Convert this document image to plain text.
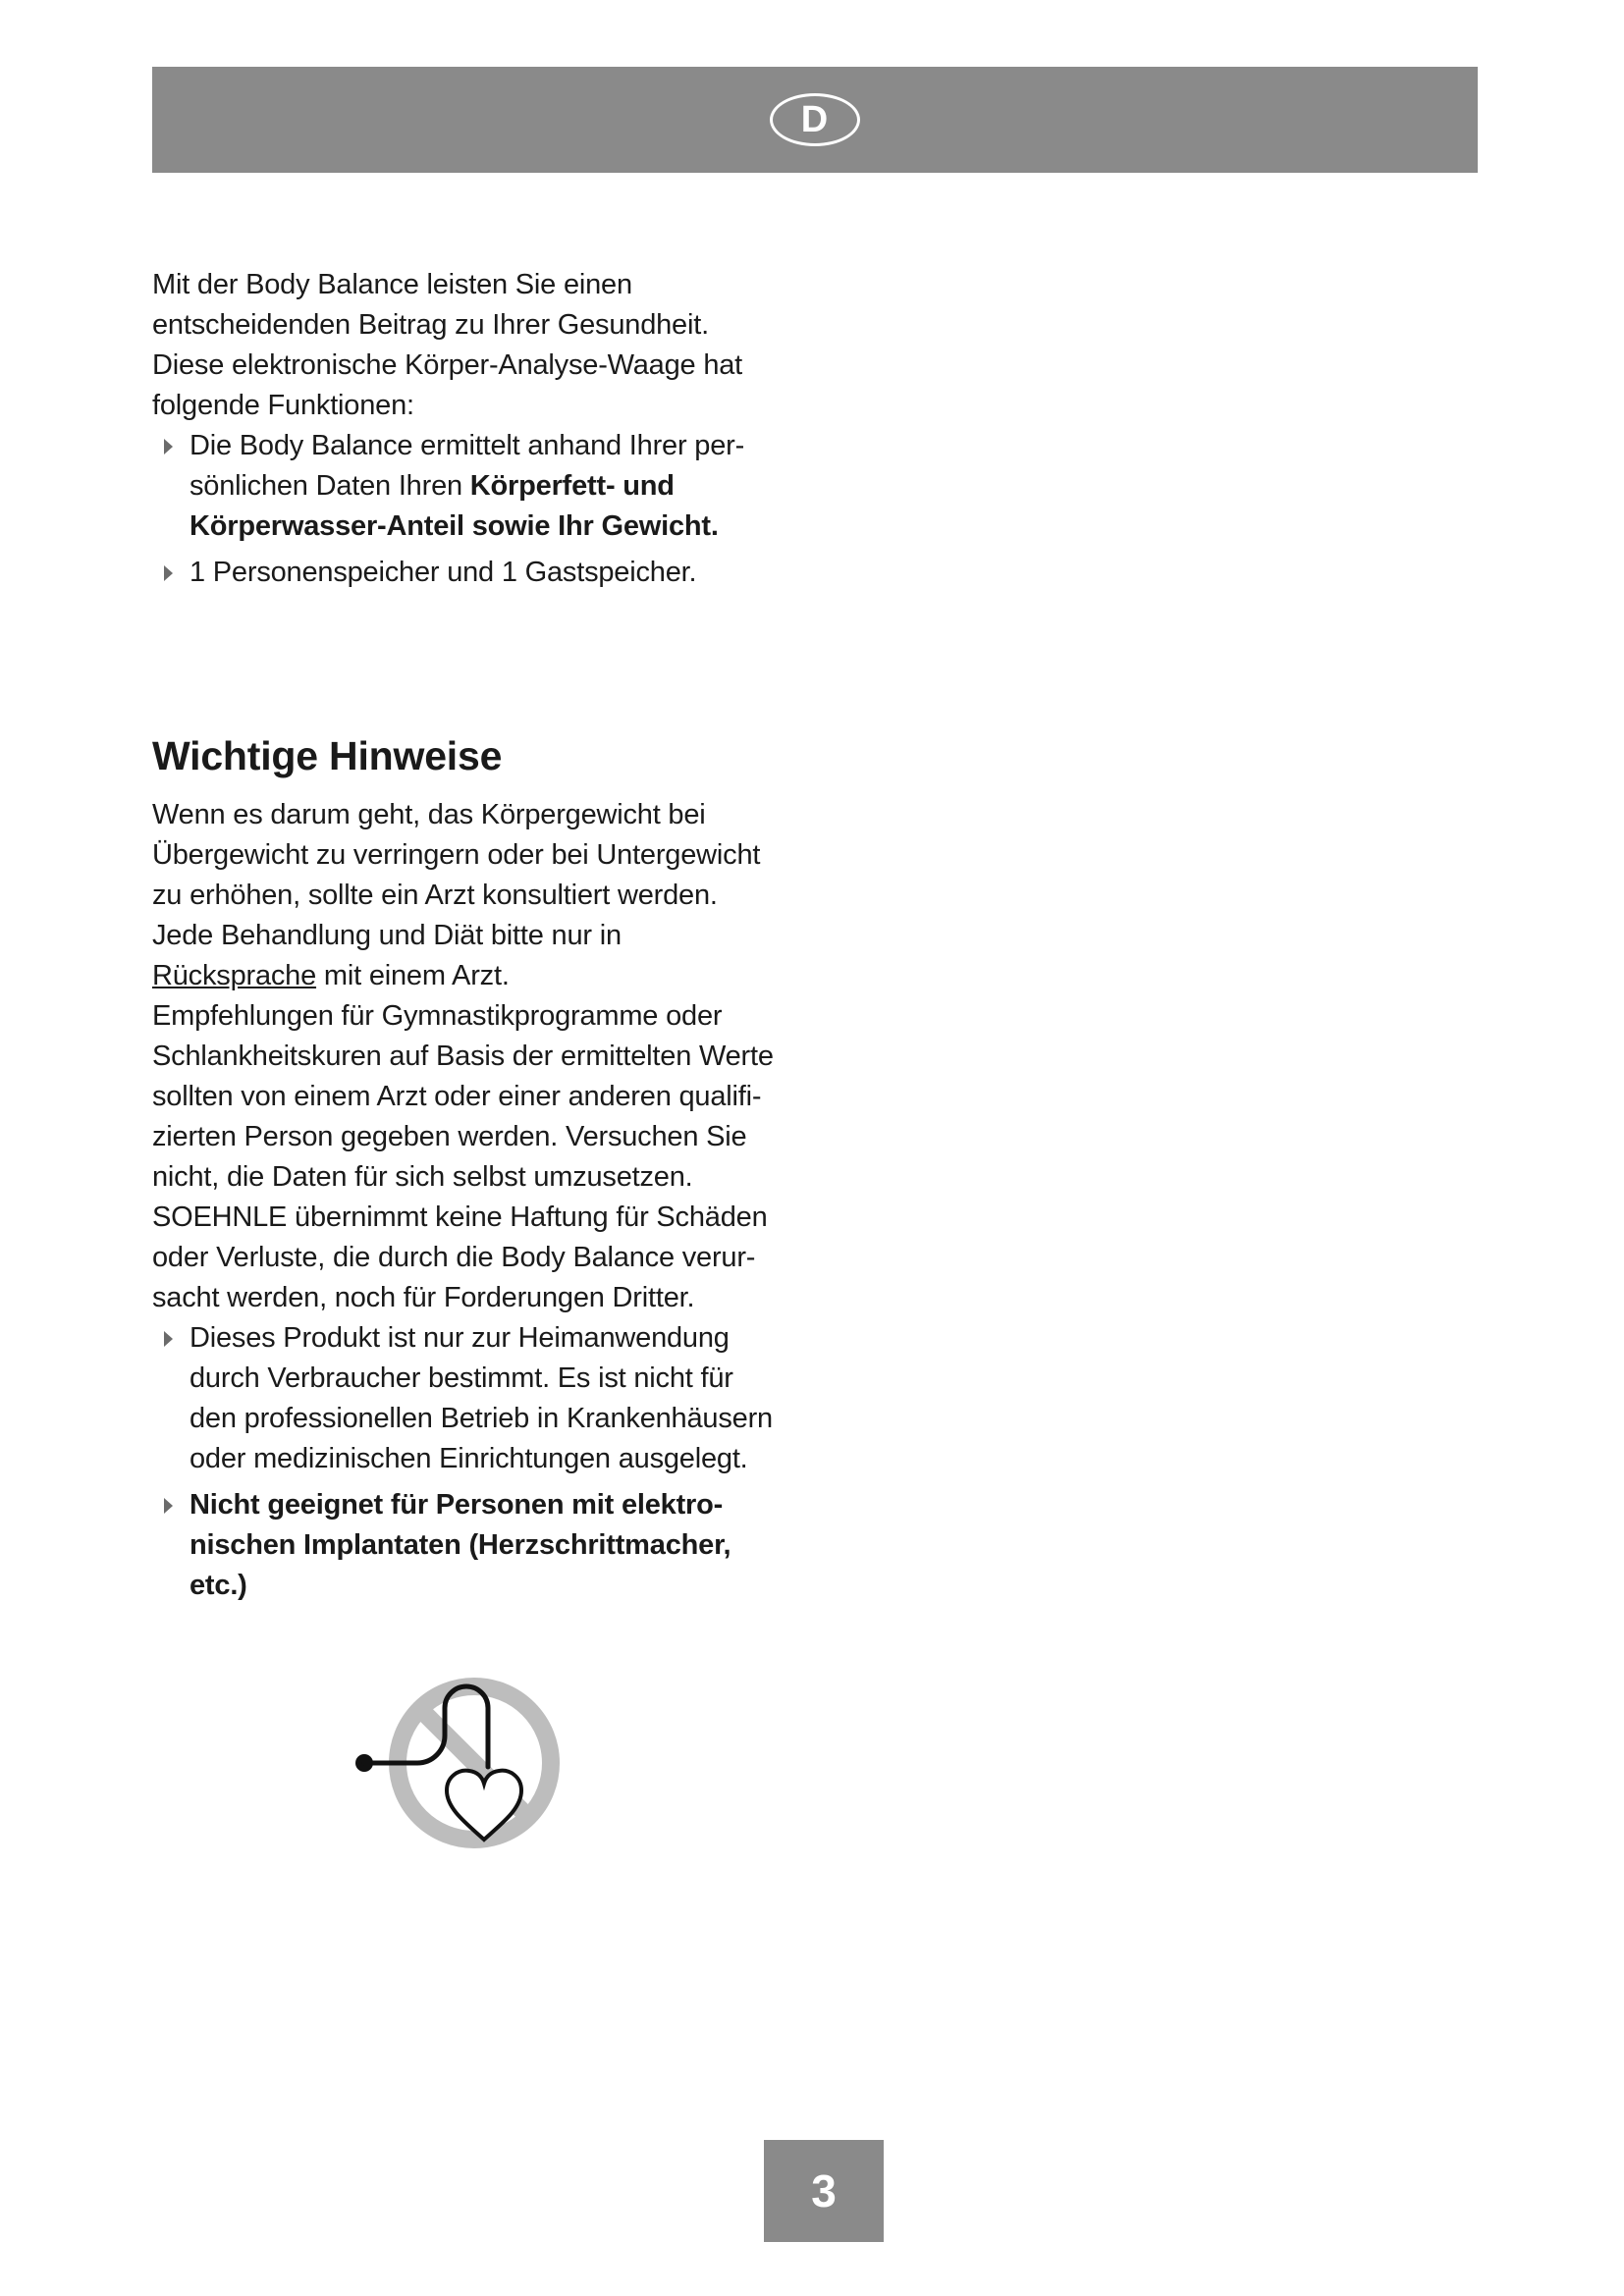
D

Mit der Body Balance leisten Sie einen

entscheidenden Beitrag zu Ihrer Gesundheit.

Diese elektronische Körper-Analyse-Waage hat

folgende Funktionen:

Die Body Balance ermittelt anhand Ihrer per-
sönlichen Daten Ihren Körperfett- und
Körperwasser-Anteil sowie Ihr Gewicht.
1 Personenspeicher und 1 Gastspeicher.
Wichtige Hinweise

Wenn es darum geht, das Körpergewicht bei

Übergewicht zu verringern oder bei Untergewicht

zu erhöhen, sollte ein Arzt konsultiert werden.

Jede Behandlung und Diät bitte nur in

Rücksprache mit einem Arzt.

Empfehlungen für Gymnastikprogramme oder

Schlankheitskuren auf Basis der ermittelten Werte

sollten von einem Arzt oder einer anderen qualifi-

zierten Person gegeben werden. Versuchen Sie

nicht, die Daten für sich selbst umzusetzen.

SOEHNLE übernimmt keine Haftung für Schäden

oder Verluste, die durch die Body Balance verur-

sacht werden, noch für Forderungen Dritter.

Dieses Produkt ist nur zur Heimanwendung
durch Verbraucher bestimmt. Es ist nicht für
den professionellen Betrieb in Krankenhäusern
oder medizinischen Einrichtungen ausgelegt.
Nicht geeignet für Personen mit elektro-
nischen Implantaten (Herzschrittmacher,
etc.)
3
